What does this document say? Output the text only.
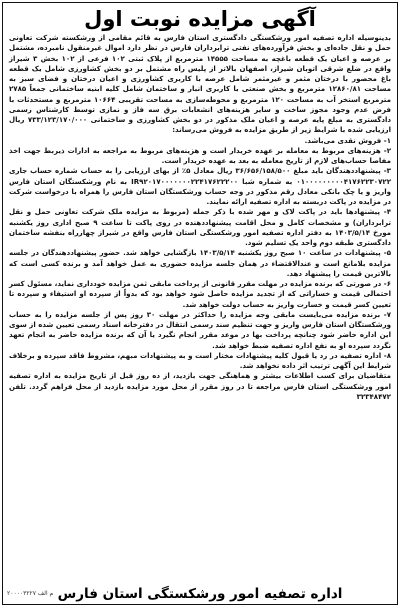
آگهی مزایده نوبت اول

بدینوسیله اداره تصفیه امور ورشکستگی دادگستری استان فارس به قائم مقامی از ورشکسته شرکت تعاونی حمل و نقل جاده‌ای و بخش فرآورده‌های نفتی ترابرداران فارس در نظر دارد اموال غیرمنقول نامبرده، مشتمل بر عرصه و اعیان یک قطعه باغچه به مساحت ۱۴۵۵۵ مترمربع از پلاک ثبتی ۱۰۲ فرعی از ۱۰۲ بخش ۳ شیراز واقع در ضلع شرقی اتوبان شیراز، اصفهان بالاتر از پلیس راه مشتمل بر دو بخش کشاورزی شامل یک قطعه باغ محصور با درختان مثمر و غیرمثمر شامل عرصه با کاربری کشاورزی و اعیان درختان و فضای سبز به مساحت ۱۲۸۶۰/۸۱ مترمربع و بخش صنعتی با کاربری انبار و ساختمان شامل کلیه ابنیه ساختمانی جمعاً ۲۷۸۵ مترمربع استخر آب به مساحت ۱۲۰ مترمربع و محوطه‌سازی به مساحت تقریبی ۱۰۶۶۴ مترمربع و مستحدثات با فرض عدم وجود مجوز ساخت و سایر هزینه‌های انشعابات برق سه فاز و نمازی توسط کارشناس رسمی دادگستری به مبلغ پایه عرصه و اعیان ملک مذکور در دو بخش کشاورزی و ساختمانی ۷۳۳/۱۲۳/۱۷۰/۰۰۰ ریال ارزیابی شده با شرایط زیر از طریق مزایده به فروش می‌رساند:

۱- فروش نقدی می‌باشد.

۲- هزینه‌های مربوط به معامله بر عهده خریدار است و هزینه‌های مربوط به مراجعه به ادارات ذیربط جهت اخذ مفاصا حساب‌های لازم از تاریخ معامله به بعد به عهده خریدار است.

۳- پیشنهاددهندگان باید مبلغ ۳۶/۶۵۶/۱۵۸/۵۰۰ ریال معادل ۵٪ از بهای ارزیابی را به حساب شماره حساب جاری ۰۱۰۰۰۰۰۰۰۰۰۴۱۷۶۲۲۳۰۷۲۲ به شماره شبا IR۹۲۰۱۷۰۰۰۰۰۰۰۲۲۴۱۷۶۲۲۲۰۰ به نام ورشکستگان استان فارس واریز و یا چک بانکی معادل رقم مذکور در وجه حساب ورشکستگان استان فارس را همراه با درخواست شرکت در مزایده در پاکت دربسته به اداره تصفیه ارائه نمایند.

۴- پیشنهادها باید در پاکت لاک و مهر شده با ذکر جمله (مربوط به مزایده ملک شرکت تعاونی حمل و نقل ترابرداران) و مشخصات کامل و محل اقامت پیشنهاددهنده در روی پاکت تا ساعت ۹ صبح اداری روز یکشنبه مورخ ۱۴۰۳/۵/۱۴ به دفتر اداره تصفیه امور ورشکستگی استان فارس واقع در شیراز چهارراه بنفشه ساختمان دادگستری طبقه دوم واحد یک تسلیم شود.

۵- پیشنهادات در ساعت ۱۰ صبح روز یکشنبه ۱۴۰۳/۵/۱۴ بازگشایی خواهد شد. حضور پیشنهاددهندگان در جلسه مزایده بلامانع است و عندالاقتضاء در همان جلسه مزایده حضوری به عمل خواهد آمد و برنده کسی است که بالاترین قیمت را پیشنهاد دهد.

۶- در صورتی که برنده مزایده در مهلت مقرر قانونی از پرداخت مابقی ثمن مزایده خودداری نماید، مسئول کسر احتمالی قیمت و خساراتی که از تجدید مزایده حاصل شود خواهد بود که بدواً از سپرده او استیفاء و سپرده تا تعیین کسر قیمت و خسارت واریز به حساب دولت خواهد شد.

۷- برنده مزایده می‌بایست مابقی وجه مزایده را حداکثر در مهلت ۳۰ روز پس از جلسه مزایده را به حساب ورشکستگان استان فارس واریز و جهت تنظیم سند رسمی انتقال در دفترخانه اسناد رسمی تعیین شده از سوی این اداره حاضر شود چنانچه پرداخت بها در موعد مقرر انجام نگیرد یا آن که برنده مزایده حاضر به انجام تعهد نگردد سپرده او به نفع اداره تصفیه ضبط خواهد شد.

۸- اداره تصفیه در رد یا قبول کلیه پیشنهادات مختار است و به پیشنهادات مبهم، مشروط فاقد سپرده و برخلاف شرایط این آگهی ترتیب اثر داده نخواهد شد.

متقاضیان برای کسب اطلاعات بیشتر و هماهنگی جهت بازدید، از ده روز قبل از تاریخ مزایده به اداره تصفیه امور ورشکستگی استان فارس مراجعه تا در روز مقرر از محل مورد مزایده بازدید از محل فراهم گردد. تلفن ۳۲۳۴۸۴۷۲

م الف ۲۰۰۰۰۳۲۲۷ اداره تصفیه امور ورشکستگی استان فارس
